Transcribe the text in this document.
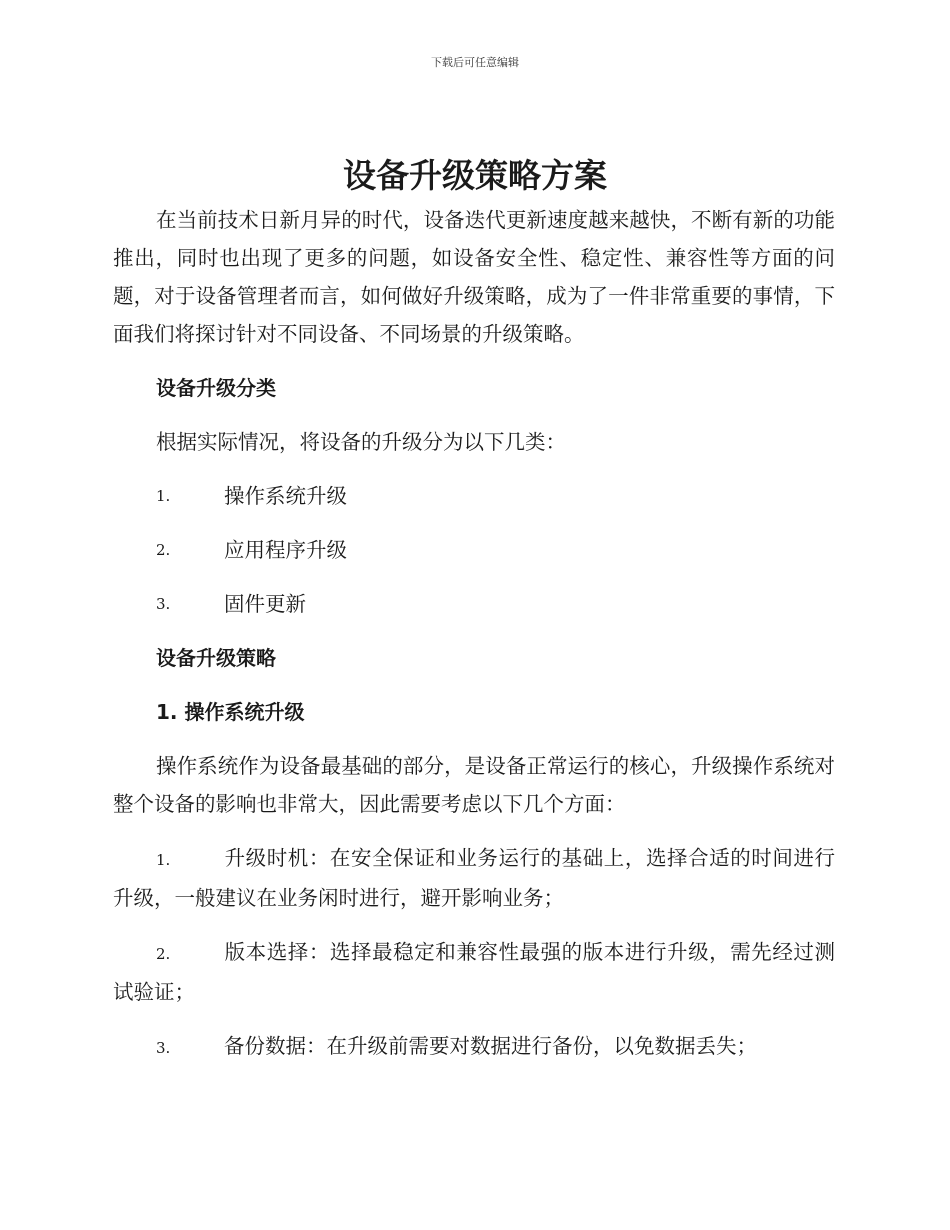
下载后可任意编辑
设备升级策略方案

在当前技术日新月异的时代，设备迭代更新速度越来越快，不断有新的功能推出，同时也出现了更多的问题，如设备安全性、稳定性、兼容性等方面的问题，对于设备管理者而言，如何做好升级策略，成为了一件非常重要的事情，下面我们将探讨针对不同设备、不同场景的升级策略。

设备升级分类

根据实际情况，将设备的升级分为以下几类：

1.	操作系统升级
2.	应用程序升级
3.	固件更新
设备升级策略
1. 操作系统升级

操作系统作为设备最基础的部分，是设备正常运行的核心，升级操作系统对整个设备的影响也非常大，因此需要考虑以下几个方面：

1.	升级时机：在安全保证和业务运行的基础上，选择合适的时间进行升级，一般建议在业务闲时进行，避开影响业务；

2.	版本选择：选择最稳定和兼容性最强的版本进行升级，需先经过测试验证；

3.	备份数据：在升级前需要对数据进行备份，以免数据丢失；
